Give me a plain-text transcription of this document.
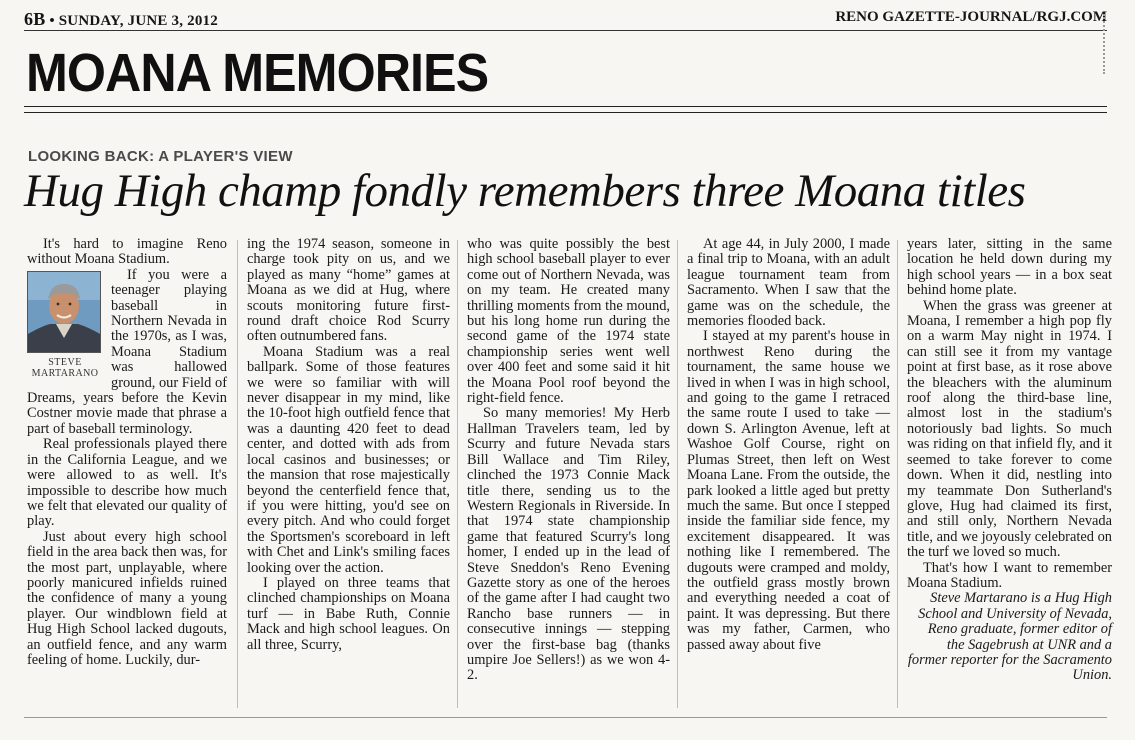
6B • SUNDAY, JUNE 3, 2012	RENO GAZETTE-JOURNAL/RGJ.COM
MOANA MEMORIES
LOOKING BACK: A PLAYER'S VIEW
Hug High champ fondly remembers three Moana titles

It's hard to imagine Reno without Moana Stadium.

STEVE
MARTARANO
If you were a teenager playing baseball in Northern Nevada in the 1970s, as I was, Moana Stadium was hallowed ground, our Field of Dreams, years before the Kevin Costner movie made that phrase a part of baseball terminology.

Real professionals played there in the California League, and we were allowed to as well. It's impossible to describe how much we felt that elevated our quality of play.

Just about every high school field in the area back then was, for the most part, unplayable, where poorly manicured infields ruined the confidence of many a young player. Our windblown field at Hug High School lacked dugouts, an outfield fence, and any warm feeling of home. Luckily, dur-

ing the 1974 season, someone in charge took pity on us, and we played as many “home” games at Moana as we did at Hug, where scouts monitoring future first-round draft choice Rod Scurry often outnumbered fans.

Moana Stadium was a real ballpark. Some of those features we were so familiar with will never disappear in my mind, like the 10-foot high outfield fence that was a daunting 420 feet to dead center, and dotted with ads from local casinos and businesses; or the mansion that rose majestically beyond the centerfield fence that, if you were hitting, you'd see on every pitch. And who could forget the Sportsmen's scoreboard in left with Chet and Link's smiling faces looking over the action.

I played on three teams that clinched championships on Moana turf — in Babe Ruth, Connie Mack and high school leagues. On all three, Scurry,

who was quite possibly the best high school baseball player to ever come out of Northern Nevada, was on my team. He created many thrilling moments from the mound, but his long home run during the second game of the 1974 state championship series went well over 400 feet and some said it hit the Moana Pool roof beyond the right-field fence.

So many memories! My Herb Hallman Travelers team, led by Scurry and future Nevada stars Bill Wallace and Tim Riley, clinched the 1973 Connie Mack title there, sending us to the Western Regionals in Riverside. In that 1974 state championship game that featured Scurry's long homer, I ended up in the lead of Steve Sneddon's Reno Evening Gazette story as one of the heroes of the game after I had caught two Rancho base runners — in consecutive innings — stepping over the first-base bag (thanks umpire Joe Sellers!) as we won 4-2.

At age 44, in July 2000, I made a final trip to Moana, with an adult league tournament team from Sacramento. When I saw that the game was on the schedule, the memories flooded back.

I stayed at my parent's house in northwest Reno during the tournament, the same house we lived in when I was in high school, and going to the game I retraced the same route I used to take — down S. Arlington Avenue, left at Washoe Golf Course, right on Plumas Street, then left on West Moana Lane. From the outside, the park looked a little aged but pretty much the same. But once I stepped inside the familiar side fence, my excitement disappeared. It was nothing like I remembered. The dugouts were cramped and moldy, the outfield grass mostly brown and everything needed a coat of paint. It was depressing. But there was my father, Carmen, who passed away about five

years later, sitting in the same location he held down during my high school years — in a box seat behind home plate.

When the grass was greener at Moana, I remember a high pop fly on a warm May night in 1974. I can still see it from my vantage point at first base, as it rose above the bleachers with the aluminum roof along the third-base line, almost lost in the stadium's notoriously bad lights. So much was riding on that infield fly, and it seemed to take forever to come down. When it did, nestling into my teammate Don Sutherland's glove, Hug had claimed its first, and still only, Northern Nevada title, and we joyously celebrated on the turf we loved so much.

That's how I want to remember Moana Stadium.

Steve Martarano is a Hug High School and University of Nevada, Reno graduate, former editor of the Sagebrush at UNR and a former reporter for the Sacramento Union.
